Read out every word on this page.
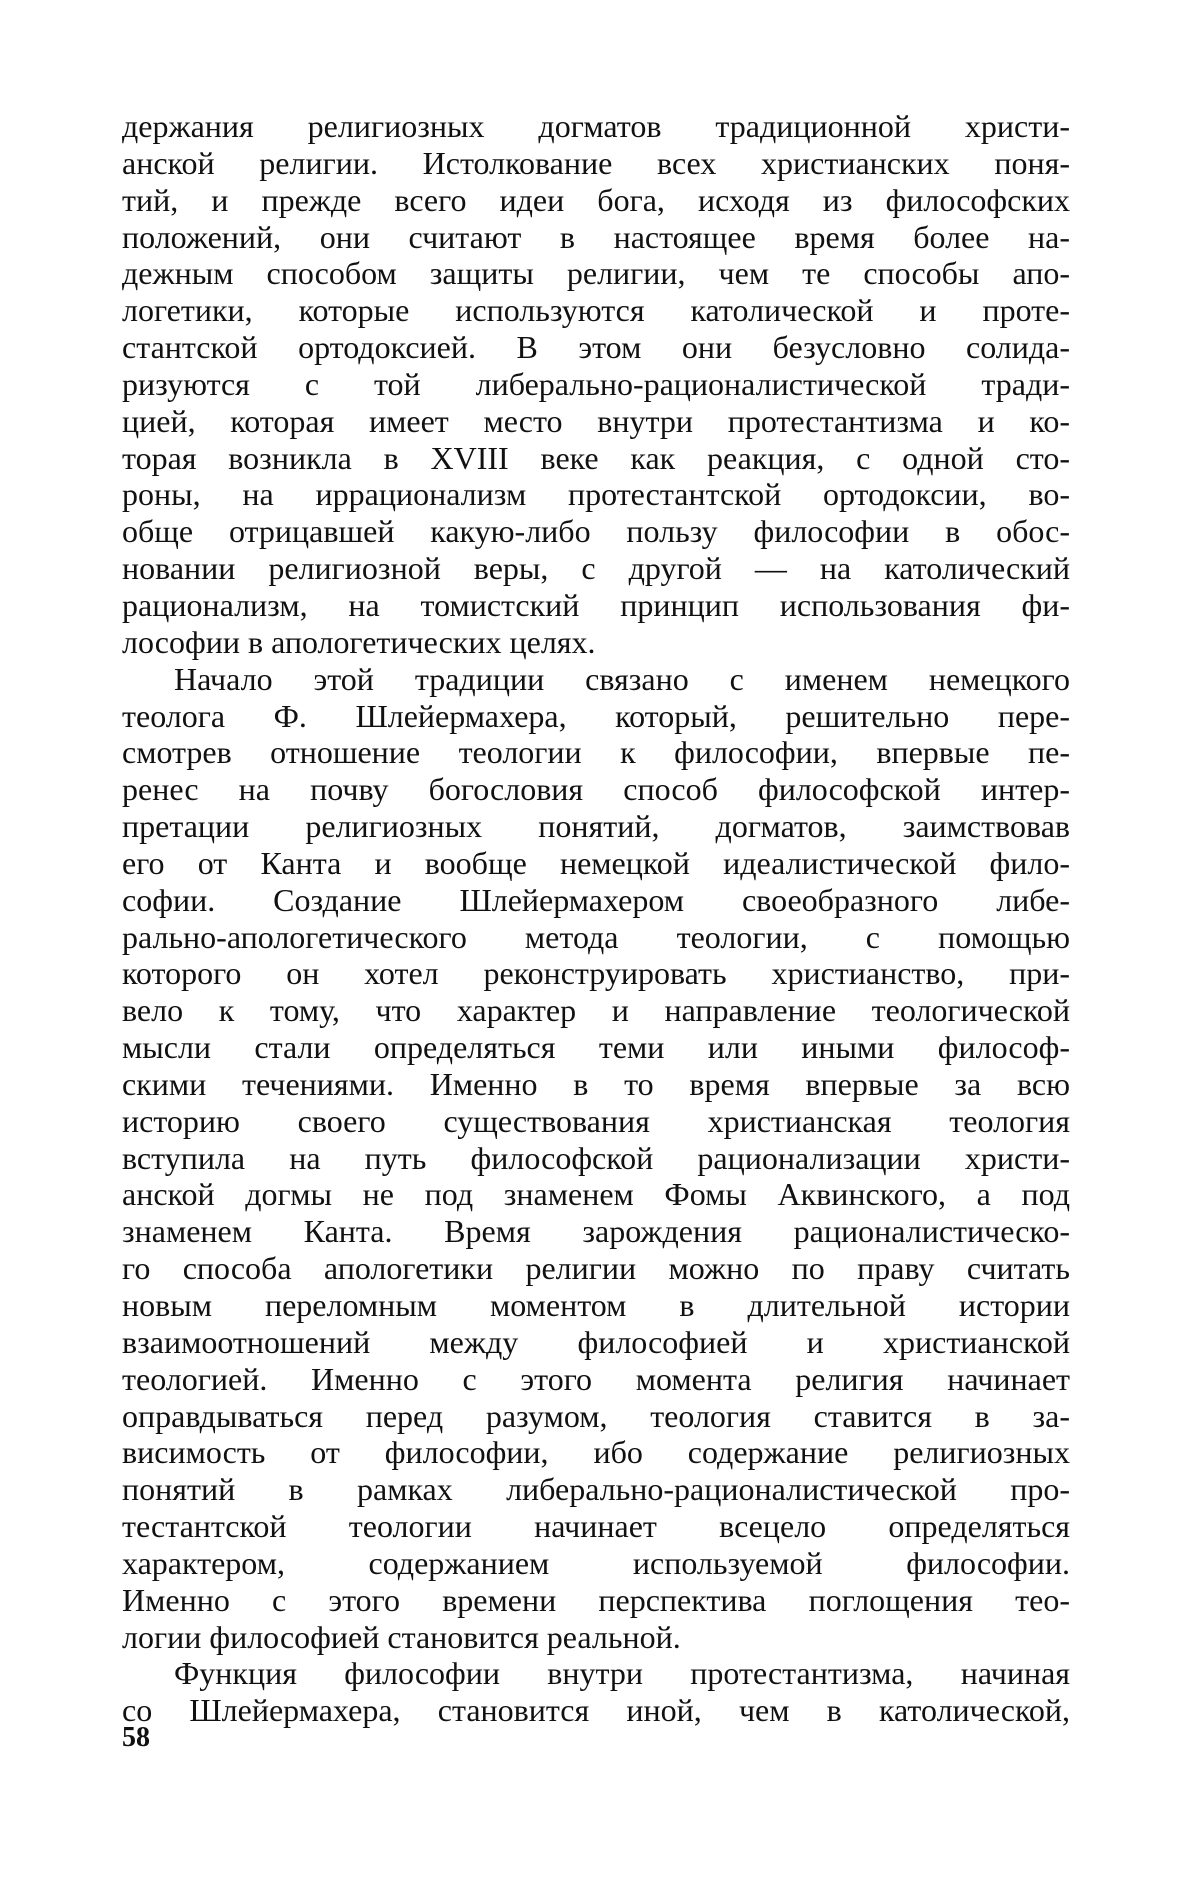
держания религиозных догматов традиционной христи-
анской религии. Истолкование всех христианских поня-
тий, и прежде всего идеи бога, исходя из философских
положений, они считают в настоящее время более на-
дежным способом защиты религии, чем те способы апо-
логетики, которые используются католической и проте-
стантской ортодоксией. В этом они безусловно солида-
ризуются с той либерально-рационалистической тради-
цией, которая имеет место внутри протестантизма и ко-
торая возникла в XVIII веке как реакция, с одной сто-
роны, на иррационализм протестантской ортодоксии, во-
обще отрицавшей какую-либо пользу философии в обос-
новании религиозной веры, с другой — на католический
рационализм, на томистский принцип использования фи-
лософии в апологетических целях.
Начало этой традиции связано с именем немецкого
теолога Ф. Шлейермахера, который, решительно пере-
смотрев отношение теологии к философии, впервые пе-
ренес на почву богословия способ философской интер-
претации религиозных понятий, догматов, заимствовав
его от Канта и вообще немецкой идеалистической фило-
софии. Создание Шлейермахером своеобразного либе-
рально-апологетического метода теологии, с помощью
которого он хотел реконструировать христианство, при-
вело к тому, что характер и направление теологической
мысли стали определяться теми или иными философ-
скими течениями. Именно в то время впервые за всю
историю своего существования христианская теология
вступила на путь философской рационализации христи-
анской догмы не под знаменем Фомы Аквинского, а под
знаменем Канта. Время зарождения рационалистическо-
го способа апологетики религии можно по праву считать
новым переломным моментом в длительной истории
взаимоотношений между философией и христианской
теологией. Именно с этого момента религия начинает
оправдываться перед разумом, теология ставится в за-
висимость от философии, ибо содержание религиозных
понятий в рамках либерально-рационалистической про-
тестантской теологии начинает всецело определяться
характером, содержанием используемой философии.
Именно с этого времени перспектива поглощения тео-
логии философией становится реальной.
Функция философии внутри протестантизма, начиная
со Шлейермахера, становится иной, чем в католической,
58
